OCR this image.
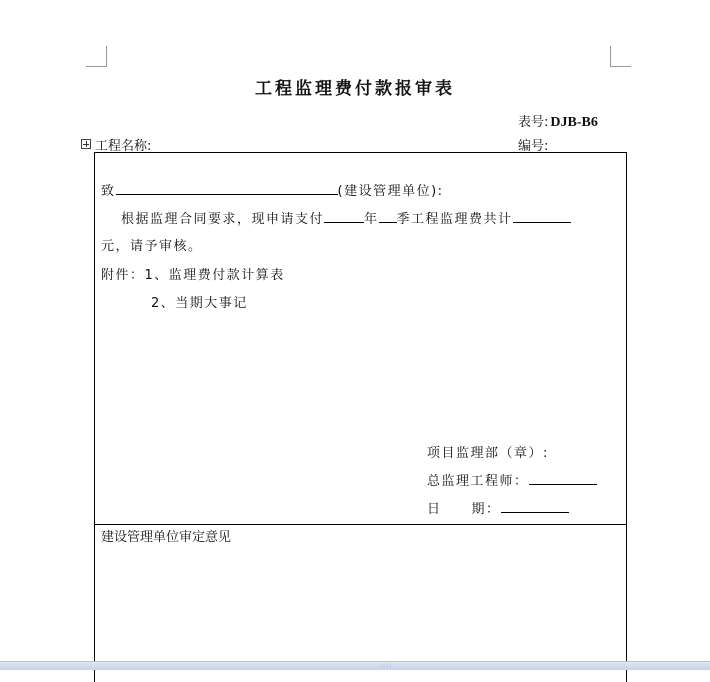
工程监理费付款报审表
表号: DJB-B6
工程名称:	编号:
致	(建设管理单位):
根据监理合同要求，现申请支付	年 季工程监理费共计
元，请予审核。
附件：1、监理费付款计算表
2、当期大事记
项目监理部（章）:
总监理工程师：
日 期：
建设管理单位审定意见
::::
